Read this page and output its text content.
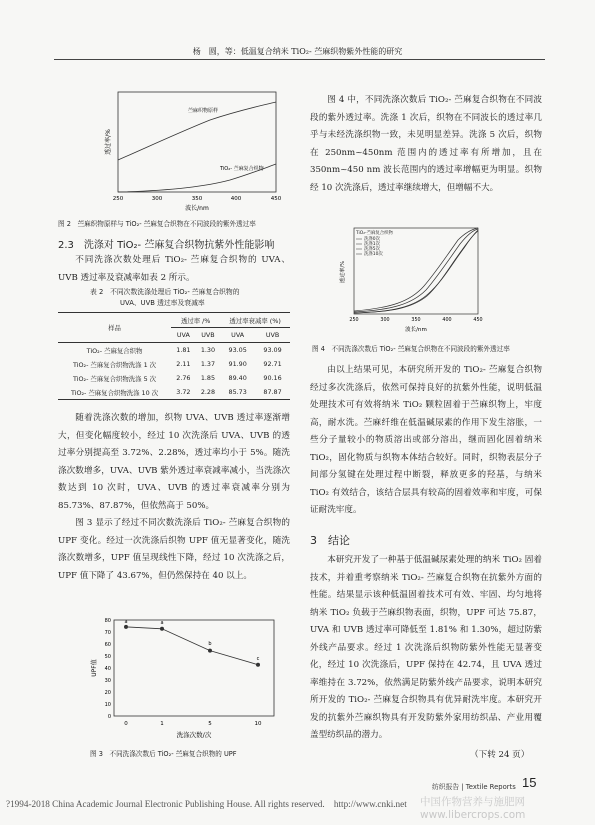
杨　圆，等：低温复合纳米 TiO₂- 苎麻织物紫外性能的研究
苎麻织物原样
TiO₂- 苎麻复合织物
透过率/%
250	300	350	400	450
波长/nm
图 2　苎麻织物原样与 TiO₂- 苎麻复合织物在不同波段的紫外透过率
2.3　洗涤对 TiO₂- 苎麻复合织物抗紫外性能影响

不同洗涤次数处理后 TiO₂- 苎麻复合织物的 UVA、UVB 透过率及衰减率如表 2 所示。

表 2　不同次数洗涤处理后 TiO₂- 苎麻复合织物的
UVA、UVB 透过率及衰减率
样品	透过率 /%		透过率衰减率 (%)	
	UVA	UVB	UVA	UVB
TiO₂- 苎麻复合织物	1.81	1.30	93.05	93.09
TiO₂- 苎麻复合织物洗涤 1 次	2.11	1.37	91.90	92.71
TiO₂- 苎麻复合织物洗涤 5 次	2.76	1.85	89.40	90.16
TiO₂- 苎麻复合织物洗涤 10 次	3.72	2.28	85.73	87.87

随着洗涤次数的增加，织物 UVA、UVB 透过率逐渐增大，但变化幅度较小，经过 10 次洗涤后 UVA、UVB 的透过率分别提高至 3.72%、2.28%，透过率均小于 5%。随洗涤次数增多，UVA、UVB 紫外透过率衰减率减小，当洗涤次数达到 10 次时，UVA、UVB 的透过率衰减率分别为 85.73%、87.87%，但依然高于 50%。

图 3 显示了经过不同次数洗涤后 TiO₂- 苎麻复合织物的 UPF 变化。经过一次洗涤后织物 UPF 值无显著变化，随洗涤次数增多，UPF 值呈现线性下降，经过 10 次洗涤之后，UPF 值下降了 43.67%，但仍然保持在 40 以上。

0
10
20
30
40
50
60
70
80	a	a
b
c
0	1	5	10
UPF值
洗涤次数/次
图 3　不同洗涤次数后 TiO₂- 苎麻复合织物的 UPF

图 4 中，不同洗涤次数后 TiO₂- 苎麻复合织物在不同波段的紫外透过率。洗涤 1 次后，织物在不同波长的透过率几乎与未经洗涤织物一致，未见明显差异。洗涤 5 次后，织物在 250nm~450nm 范围内的透过率有所增加，且在 350nm~450 nm 波长范围内的透过率增幅更为明显。织物经 10 次洗涤后，透过率继续增大，但增幅不大。

TiO₂-苎麻复合织物
洗涤0次
洗涤1次
洗涤5次
洗涤10次
透过率/%
250	300	350	400	450
波长/nm
图 4　不同洗涤次数后 TiO₂- 苎麻复合织物在不同波段的紫外透过率

由以上结果可见，本研究所开发的 TiO₂- 苎麻复合织物经过多次洗涤后，依然可保持良好的抗紫外性能，说明低温处理技术可有效将纳米 TiO₂ 颗粒固着于苎麻织物上，牢度高，耐水洗。苎麻纤维在低温碱尿素的作用下发生溶胀，一些分子量较小的物质溶出或部分溶出，继而固化固着纳米 TiO₂，固化物质与织物本体结合较好。同时，织物表层分子间部分氢键在处理过程中断裂，释放更多的羟基，与纳米 TiO₂ 有效结合，该结合层具有较高的固着效率和牢度，可保证耐洗牢度。

3　结论

本研究开发了一种基于低温碱尿素处理的纳米 TiO₂ 固着技术，并着重考察纳米 TiO₂- 苎麻复合织物在抗紫外方面的性能。结果显示该种低温固着技术可有效、牢固、均匀地将纳米 TiO₂ 负载于苎麻织物表面，织物，UPF 可达 75.87，UVA 和 UVB 透过率可降低至 1.81% 和 1.30%，超过防紫外线产品要求。经过 1 次洗涤后织物防紫外性能无显著变化，经过 10 次洗涤后，UPF 保持在 42.74，且 UVA 透过率维持在 3.72%，依然满足防紫外线产品要求，说明本研究所开发的 TiO₂- 苎麻复合织物具有优异耐洗牢度。本研究开发的抗紫外苎麻织物具有开发防紫外家用纺织品、产业用覆盖型纺织品的潜力。

（下转 24 页）
纺织报告 | Textile Reports 15
?1994-2018 China Academic Journal Electronic Publishing House. All rights reserved.　http://www.cnki.net 中国作物营养与施肥网　www.libercrops.com
